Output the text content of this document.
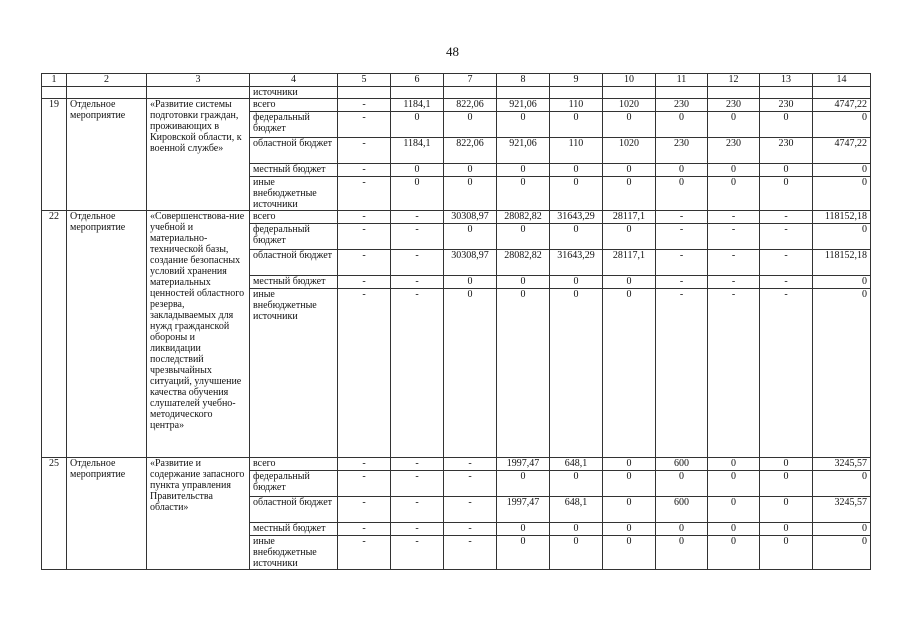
48
1	2	3	4	5	6	7	8	9	10	11	12	13	14
			источники										
19	Отдельное мероприятие	«Развитие системы подготовки граждан, проживающих в Кировской области, к военной службе»	всего	-	1184,1	822,06	921,06	110	1020	230	230	230	4747,22
			федеральный бюджет	-	0	0	0	0	0	0	0	0	0
			областной бюджет	-	1184,1	822,06	921,06	110	1020	230	230	230	4747,22
			местный бюджет	-	0	0	0	0	0	0	0	0	0
			иные внебюджетные источники	-	0	0	0	0	0	0	0	0	0
22	Отдельное мероприятие	«Совершенствова-ние учебной и материально-технической базы, создание безопасных условий хранения материальных ценностей областного резерва, закладываемых для нужд гражданской обороны и ликвидации последствий чрезвычайных ситуаций, улучшение качества обучения слушателей учебно-методического центра»	всего	-	-	30308,97	28082,82	31643,29	28117,1	-	-	-	118152,18
			федеральный бюджет	-	-	0	0	0	0	-	-	-	0
			областной бюджет	-	-	30308,97	28082,82	31643,29	28117,1	-	-	-	118152,18
			местный бюджет	-	-	0	0	0	0	-	-	-	0
			иные внебюджетные источники	-	-	0	0	0	0	-	-	-	0
25	Отдельное мероприятие	«Развитие и содержание запасного пункта управления Правительства области»	всего	-	-	-	1997,47	648,1	0	600	0	0	3245,57
			федеральный бюджет	-	-	-	0	0	0	0	0	0	0
			областной бюджет	-	-	-	1997,47	648,1	0	600	0	0	3245,57
			местный бюджет	-	-	-	0	0	0	0	0	0	0
			иные внебюджетные источники	-	-	-	0	0	0	0	0	0	0
